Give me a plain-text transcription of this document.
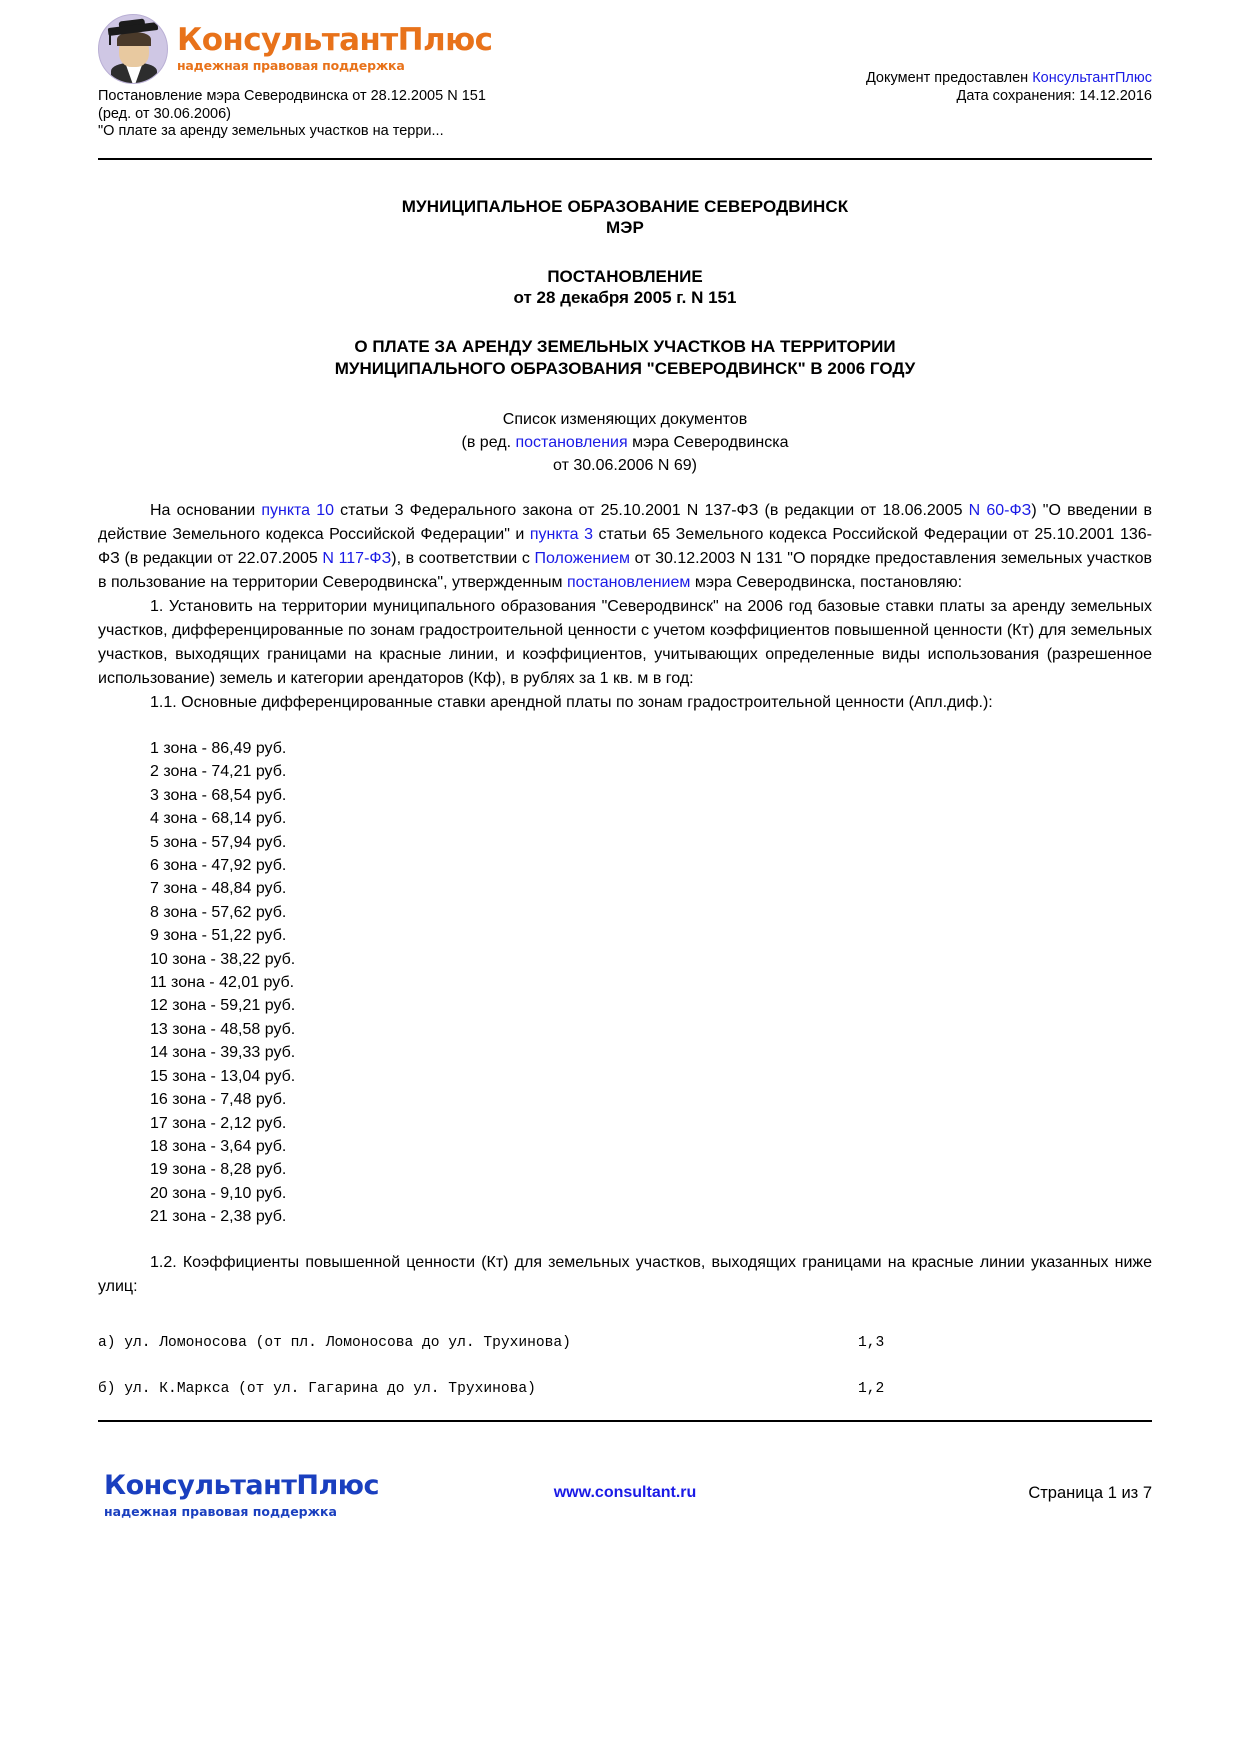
КонсультантПлюс
надежная правовая поддержка
Постановление мэра Северодвинска от 28.12.2005 N 151
(ред. от 30.06.2006)
"О плате за аренду земельных участков на терри...
Документ предоставлен КонсультантПлюс
Дата сохранения: 14.12.2016
МУНИЦИПАЛЬНОЕ ОБРАЗОВАНИЕ СЕВЕРОДВИНСК
МЭР
ПОСТАНОВЛЕНИЕ
от 28 декабря 2005 г. N 151
О ПЛАТЕ ЗА АРЕНДУ ЗЕМЕЛЬНЫХ УЧАСТКОВ НА ТЕРРИТОРИИ
МУНИЦИПАЛЬНОГО ОБРАЗОВАНИЯ "СЕВЕРОДВИНСК" В 2006 ГОДУ
Список изменяющих документов
(в ред. постановления мэра Северодвинска
от 30.06.2006 N 69)

На основании пункта 10 статьи 3 Федерального закона от 25.10.2001 N 137-ФЗ (в редакции от 18.06.2005 N 60-ФЗ) "О введении в действие Земельного кодекса Российской Федерации" и пункта 3 статьи 65 Земельного кодекса Российской Федерации от 25.10.2001 136-ФЗ (в редакции от 22.07.2005 N 117-ФЗ), в соответствии с Положением от 30.12.2003 N 131 "О порядке предоставления земельных участков в пользование на территории Северодвинска", утвержденным постановлением мэра Северодвинска, постановляю:

1. Установить на территории муниципального образования "Северодвинск" на 2006 год базовые ставки платы за аренду земельных участков, дифференцированные по зонам градостроительной ценности с учетом коэффициентов повышенной ценности (Кт) для земельных участков, выходящих границами на красные линии, и коэффициентов, учитывающих определенные виды использования (разрешенное использование) земель и категории арендаторов (Кф), в рублях за 1 кв. м в год:

1.1. Основные дифференцированные ставки арендной платы по зонам градостроительной ценности (Апл.диф.):

1 зона - 86,49 руб.
2 зона - 74,21 руб.
3 зона - 68,54 руб.
4 зона - 68,14 руб.
5 зона - 57,94 руб.
6 зона - 47,92 руб.
7 зона - 48,84 руб.
8 зона - 57,62 руб.
9 зона - 51,22 руб.
10 зона - 38,22 руб.
11 зона - 42,01 руб.
12 зона - 59,21 руб.
13 зона - 48,58 руб.
14 зона - 39,33 руб.
15 зона - 13,04 руб.
16 зона - 7,48 руб.
17 зона - 2,12 руб.
18 зона - 3,64 руб.
19 зона - 8,28 руб.
20 зона - 9,10 руб.
21 зона - 2,38 руб.

1.2. Коэффициенты повышенной ценности (Кт) для земельных участков, выходящих границами на красные линии указанных ниже улиц:

а) ул. Ломоносова (от пл. Ломоносова до ул. Трухинова)	1,3
б) ул. К.Маркса (от ул. Гагарина до ул. Трухинова)	1,2
КонсультантПлюс
надежная правовая поддержка
www.consultant.ru	Страница 1 из 7
